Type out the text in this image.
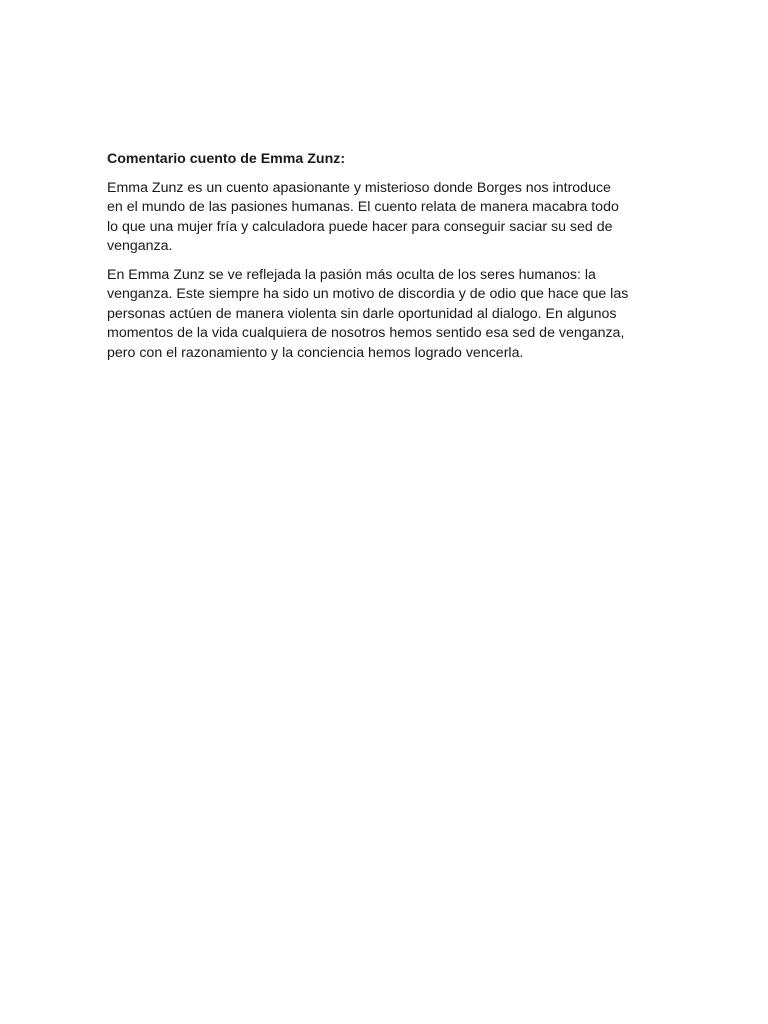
Comentario cuento de Emma Zunz:
Emma Zunz es un cuento apasionante y misterioso donde Borges nos introduce
en el mundo de las pasiones humanas. El cuento relata de manera macabra todo
lo que una mujer fría y calculadora puede hacer para conseguir saciar su sed de
venganza.
En Emma Zunz se ve reflejada la pasión más oculta de los seres humanos: la
venganza. Este siempre ha sido un motivo de discordia y de odio que hace que las
personas actúen de manera violenta sin darle oportunidad al dialogo. En algunos
momentos de la vida cualquiera de nosotros hemos sentido esa sed de venganza,
pero con el razonamiento y la conciencia hemos logrado vencerla.
